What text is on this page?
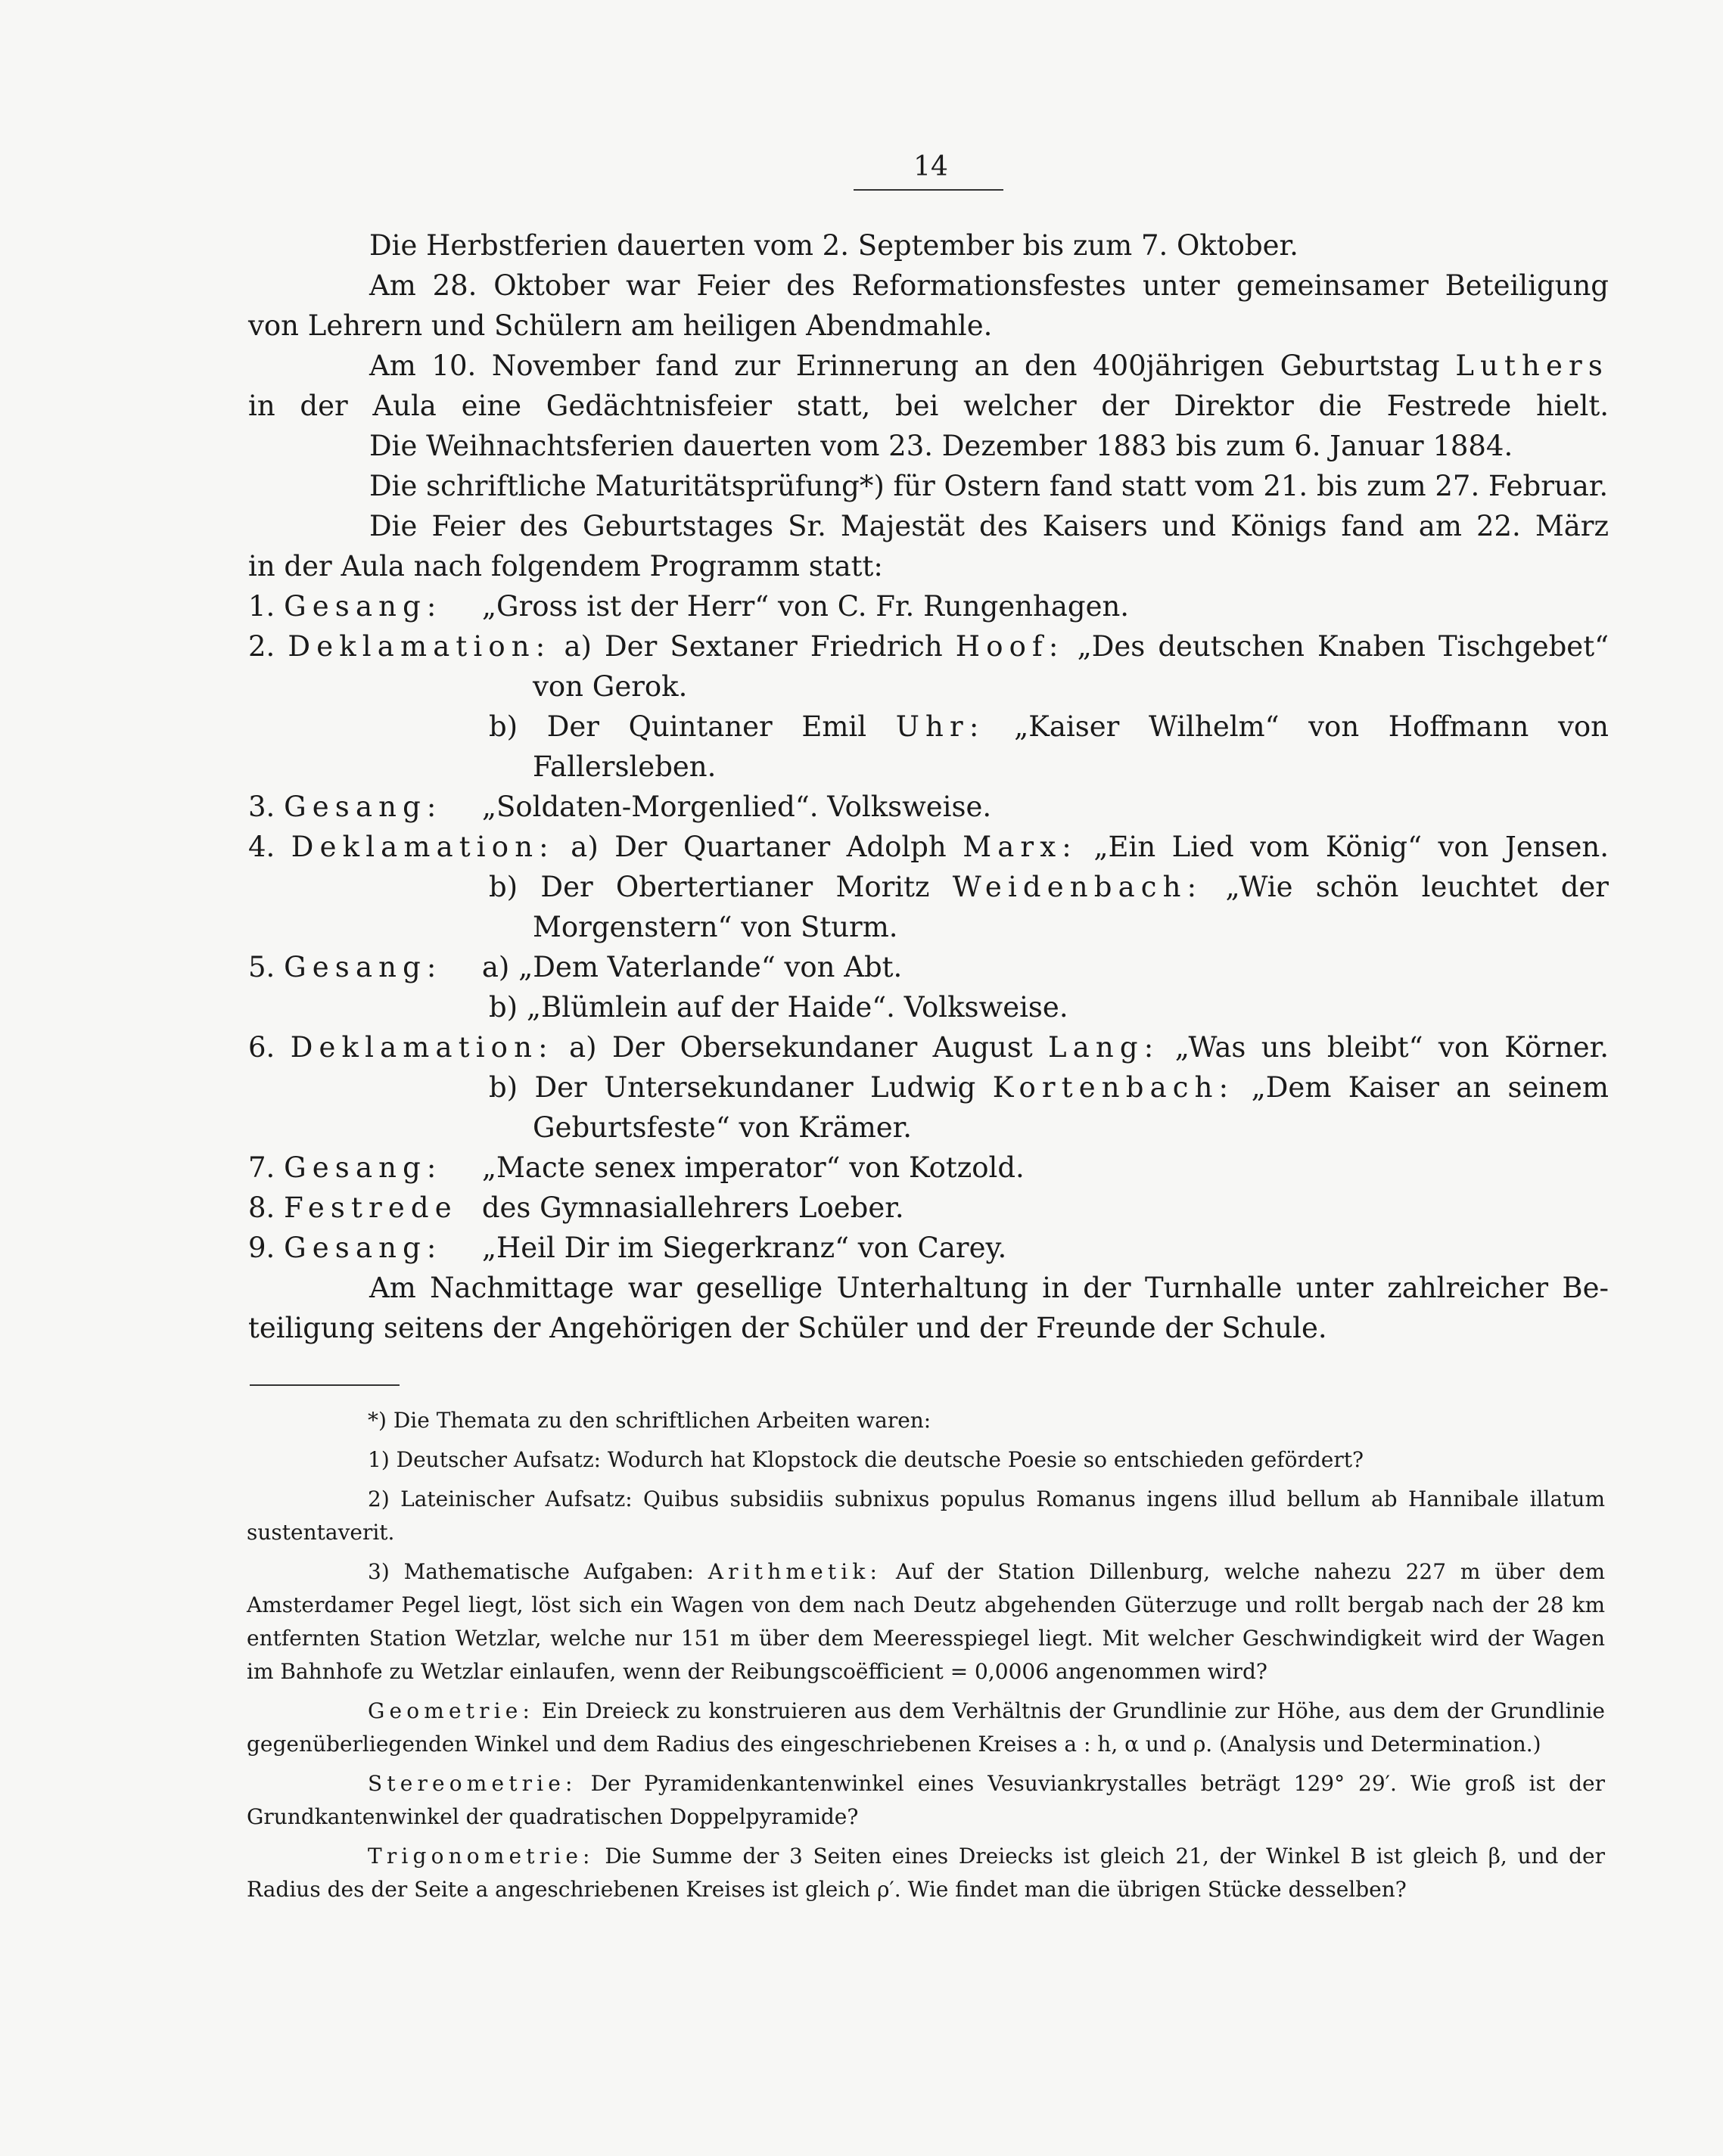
14
Die Herbstferien dauerten vom 2. September bis zum 7. Oktober.
Am 28. Oktober war Feier des Reformationsfestes unter gemeinsamer Beteiligung
von Lehrern und Schülern am heiligen Abendmahle.
Am 10. November fand zur Erinnerung an den 400jährigen Geburtstag Luthers
in der Aula eine Gedächtnisfeier statt, bei welcher der Direktor die Festrede hielt.
Die Weihnachtsferien dauerten vom 23. Dezember 1883 bis zum 6. Januar 1884.
Die schriftliche Maturitätsprüfung*) für Ostern fand statt vom 21. bis zum 27. Februar.
Die Feier des Geburtstages Sr. Majestät des Kaisers und Königs fand am 22. März
in der Aula nach folgendem Programm statt:
1. Gesang: „Gross ist der Herr“ von C. Fr. Rungenhagen.
2. Deklamation: a) Der Sextaner Friedrich Hoof: „Des deutschen Knaben Tischgebet“
von Gerok.
b) Der Quintaner Emil Uhr: „Kaiser Wilhelm“ von Hoffmann von
Fallersleben.
3. Gesang: „Soldaten-Morgenlied“. Volksweise.
4. Deklamation: a) Der Quartaner Adolph Marx: „Ein Lied vom König“ von Jensen.
b) Der Obertertianer Moritz Weidenbach: „Wie schön leuchtet der
Morgenstern“ von Sturm.
5. Gesang: a) „Dem Vaterlande“ von Abt.
b) „Blümlein auf der Haide“. Volksweise.
6. Deklamation: a) Der Obersekundaner August Lang: „Was uns bleibt“ von Körner.
b) Der Untersekundaner Ludwig Kortenbach: „Dem Kaiser an seinem
Geburtsfeste“ von Krämer.
7. Gesang: „Macte senex imperator“ von Kotzold.
8. Festrede des Gymnasiallehrers Loeber.
9. Gesang: „Heil Dir im Siegerkranz“ von Carey.
Am Nachmittage war gesellige Unterhaltung in der Turnhalle unter zahlreicher Be-
teiligung seitens der Angehörigen der Schüler und der Freunde der Schule.

*) Die Themata zu den schriftlichen Arbeiten waren:

1) Deutscher Aufsatz: Wodurch hat Klopstock die deutsche Poesie so entschieden gefördert?

2) Lateinischer Aufsatz: Quibus subsidiis subnixus populus Romanus ingens illud bellum ab Hannibale illatum sustentaverit.

3) Mathematische Aufgaben: Arithmetik: Auf der Station Dillenburg, welche nahezu 227 m über dem Amsterdamer Pegel liegt, löst sich ein Wagen von dem nach Deutz abgehenden Güterzuge und rollt bergab nach der 28 km entfernten Station Wetzlar, welche nur 151 m über dem Meeresspiegel liegt. Mit welcher Geschwindigkeit wird der Wagen im Bahnhofe zu Wetzlar einlaufen, wenn der Reibungscoëfficient = 0,0006 angenommen wird?

Geometrie: Ein Dreieck zu konstruieren aus dem Verhältnis der Grundlinie zur Höhe, aus dem der Grundlinie gegenüberliegenden Winkel und dem Radius des eingeschriebenen Kreises a : h, α und ρ. (Analysis und Determination.)

Stereometrie: Der Pyramidenkantenwinkel eines Vesuviankrystalles beträgt 129° 29′. Wie groß ist der Grundkantenwinkel der quadratischen Doppelpyramide?

Trigonometrie: Die Summe der 3 Seiten eines Dreiecks ist gleich 21, der Winkel B ist gleich β, und der Radius des der Seite a angeschriebenen Kreises ist gleich ρ′. Wie findet man die übrigen Stücke desselben?
